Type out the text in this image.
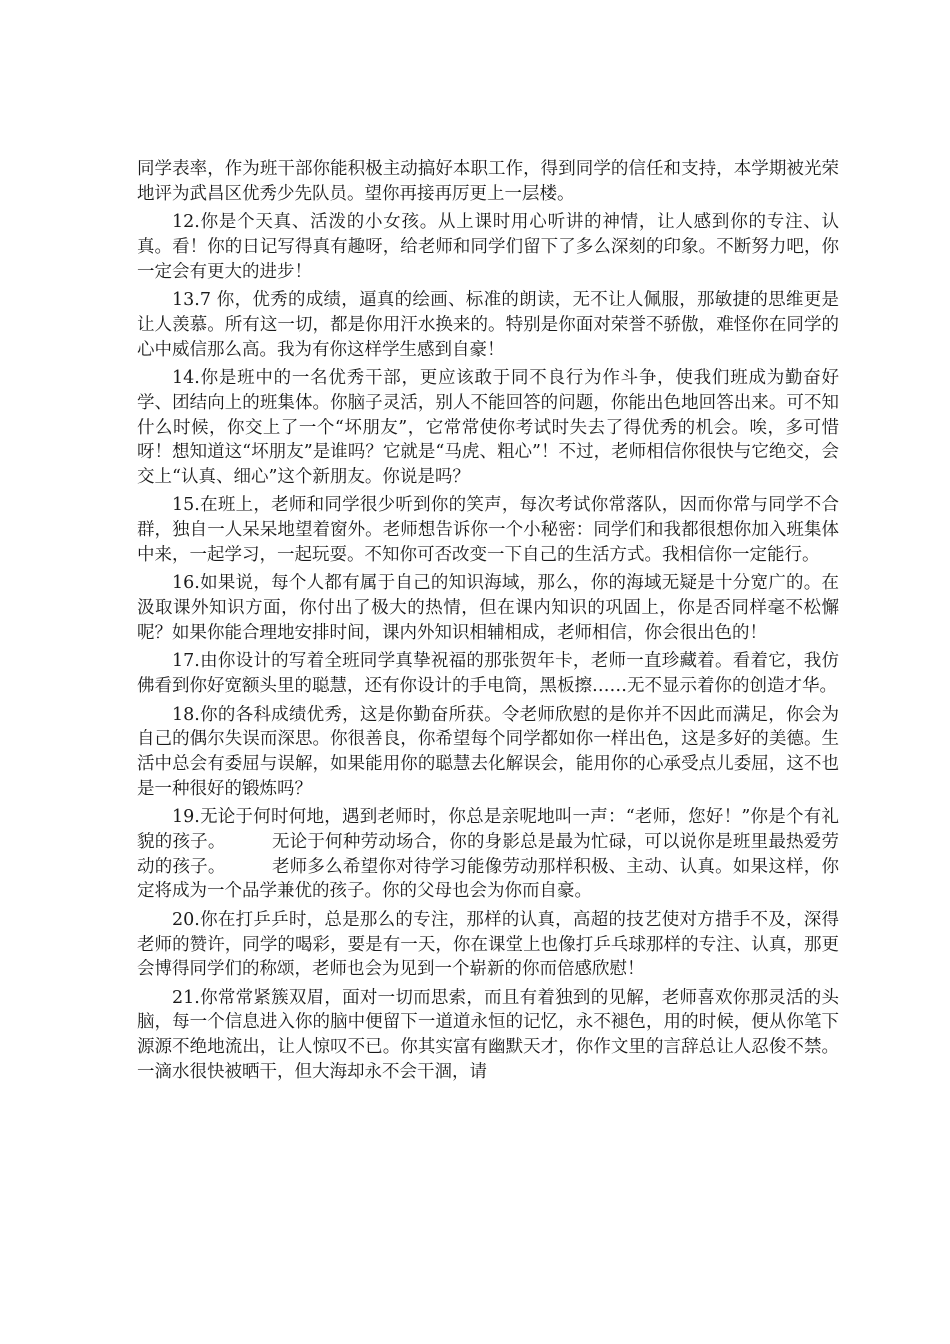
同学表率，作为班干部你能积极主动搞好本职工作，得到同学的信任和支持，本学期被光荣地评为武昌区优秀少先队员。望你再接再厉更上一层楼。

12.你是个天真、活泼的小女孩。从上课时用心听讲的神情，让人感到你的专注、认真。看！你的日记写得真有趣呀，给老师和同学们留下了多么深刻的印象。不断努力吧，你一定会有更大的进步！

13.7 你，优秀的成绩，逼真的绘画、标准的朗读，无不让人佩服，那敏捷的思维更是让人羡慕。所有这一切，都是你用汗水换来的。特别是你面对荣誉不骄傲，难怪你在同学的心中威信那么高。我为有你这样学生感到自豪！

14.你是班中的一名优秀干部，更应该敢于同不良行为作斗争，使我们班成为勤奋好学、团结向上的班集体。你脑子灵活，别人不能回答的问题，你能出色地回答出来。可不知什么时候，你交上了一个“坏朋友”，它常常使你考试时失去了得优秀的机会。唉，多可惜呀！想知道这“坏朋友”是谁吗？它就是“马虎、粗心”！不过，老师相信你很快与它绝交，会交上“认真、细心”这个新朋友。你说是吗？

15.在班上，老师和同学很少听到你的笑声，每次考试你常落队，因而你常与同学不合群，独自一人呆呆地望着窗外。老师想告诉你一个小秘密：同学们和我都很想你加入班集体中来，一起学习，一起玩耍。不知你可否改变一下自己的生活方式。我相信你一定能行。

16.如果说，每个人都有属于自己的知识海域，那么，你的海域无疑是十分宽广的。在汲取课外知识方面，你付出了极大的热情，但在课内知识的巩固上，你是否同样毫不松懈呢？如果你能合理地安排时间，课内外知识相辅相成，老师相信，你会很出色的！

17.由你设计的写着全班同学真挚祝福的那张贺年卡，老师一直珍藏着。看着它，我仿佛看到你好宽额头里的聪慧，还有你设计的手电筒，黑板擦……无不显示着你的创造才华。

18.你的各科成绩优秀，这是你勤奋所获。令老师欣慰的是你并不因此而满足，你会为自己的偶尔失误而深思。你很善良，你希望每个同学都如你一样出色，这是多好的美德。生活中总会有委屈与误解，如果能用你的聪慧去化解误会，能用你的心承受点儿委屈，这不也是一种很好的锻炼吗？

19.无论于何时何地，遇到老师时，你总是亲呢地叫一声：“老师，您好！”你是个有礼貌的孩子。        无论于何种劳动场合，你的身影总是最为忙碌，可以说你是班里最热爱劳动的孩子。        老师多么希望你对待学习能像劳动那样积极、主动、认真。如果这样，你定将成为一个品学兼优的孩子。你的父母也会为你而自豪。

20.你在打乒乒时，总是那么的专注，那样的认真，高超的技艺使对方措手不及，深得老师的赞许，同学的喝彩，要是有一天，你在课堂上也像打乒乓球那样的专注、认真，那更会博得同学们的称颂，老师也会为见到一个崭新的你而倍感欣慰！

21.你常常紧簇双眉，面对一切而思索，而且有着独到的见解，老师喜欢你那灵活的头脑，每一个信息进入你的脑中便留下一道道永恒的记忆，永不褪色，用的时候，便从你笔下源源不绝地流出，让人惊叹不已。你其实富有幽默天才，你作文里的言辞总让人忍俊不禁。一滴水很快被晒干，但大海却永不会干涸，请
